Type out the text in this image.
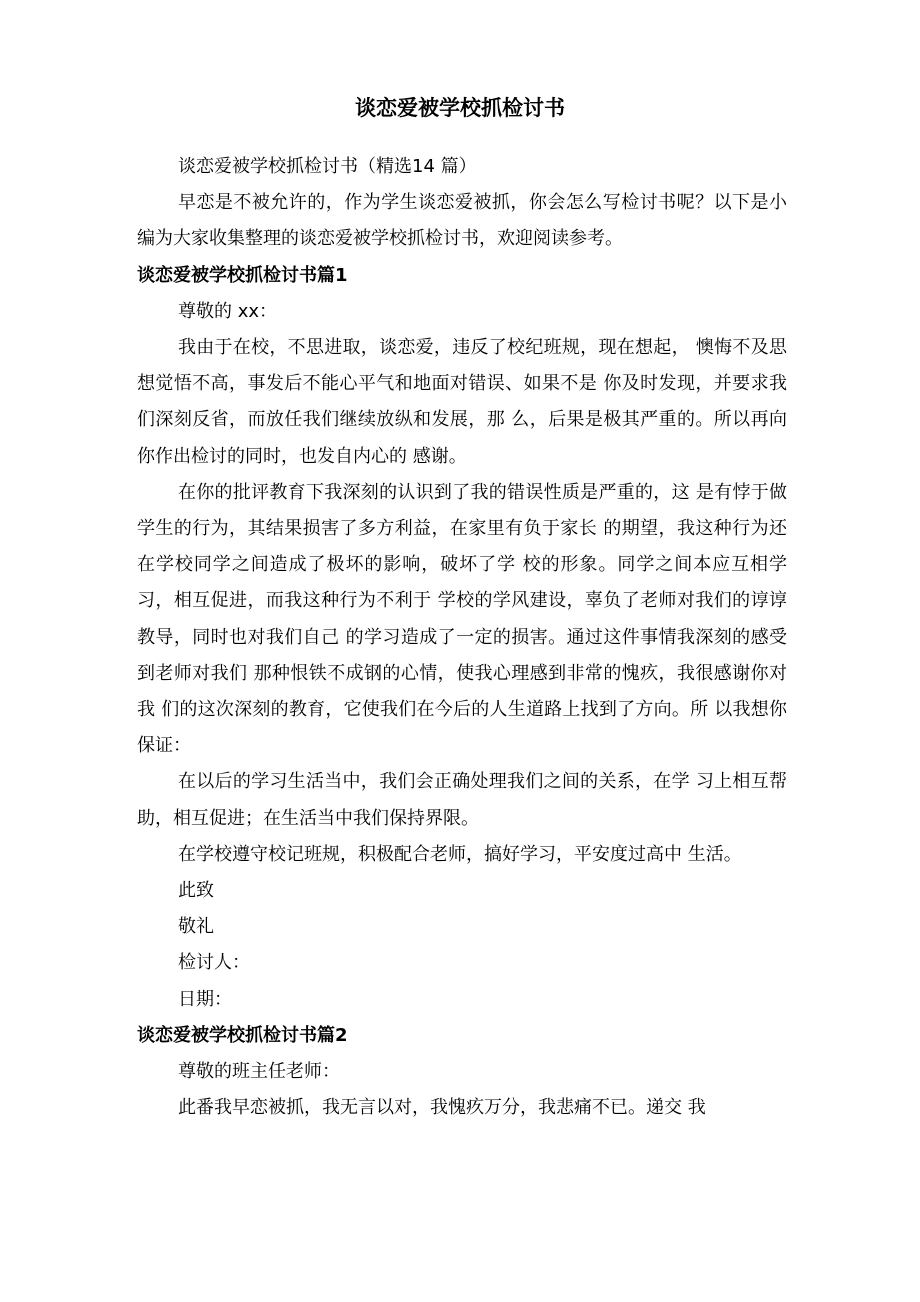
谈恋爱被学校抓检讨书

谈恋爱被学校抓检讨书（精选14 篇）

早恋是不被允许的，作为学生谈恋爱被抓，你会怎么写检讨书呢？以下是小编为大家收集整理的谈恋爱被学校抓检讨书，欢迎阅读参考。

谈恋爱被学校抓检讨书篇1

尊敬的 xx：

我由于在校，不思进取，谈恋爱，违反了校纪班规，现在想起， 懊悔不及思想觉悟不高，事发后不能心平气和地面对错误、如果不是 你及时发现，并要求我们深刻反省，而放任我们继续放纵和发展，那 么，后果是极其严重的。所以再向你作出检讨的同时，也发自内心的 感谢。

在你的批评教育下我深刻的认识到了我的错误性质是严重的，这 是有悖于做学生的行为，其结果损害了多方利益，在家里有负于家长 的期望，我这种行为还在学校同学之间造成了极坏的影响，破坏了学 校的形象。同学之间本应互相学习，相互促进，而我这种行为不利于 学校的学风建设，辜负了老师对我们的谆谆教导，同时也对我们自己 的学习造成了一定的损害。通过这件事情我深刻的感受到老师对我们 那种恨铁不成钢的心情，使我心理感到非常的愧疚，我很感谢你对我 们的这次深刻的教育，它使我们在今后的人生道路上找到了方向。所 以我想你保证：

在以后的学习生活当中，我们会正确处理我们之间的关系，在学 习上相互帮助，相互促进；在生活当中我们保持界限。

在学校遵守校记班规，积极配合老师，搞好学习，平安度过高中 生活。

此致

敬礼

检讨人：

日期：

谈恋爱被学校抓检讨书篇2

尊敬的班主任老师：

此番我早恋被抓，我无言以对，我愧疚万分，我悲痛不已。递交 我
